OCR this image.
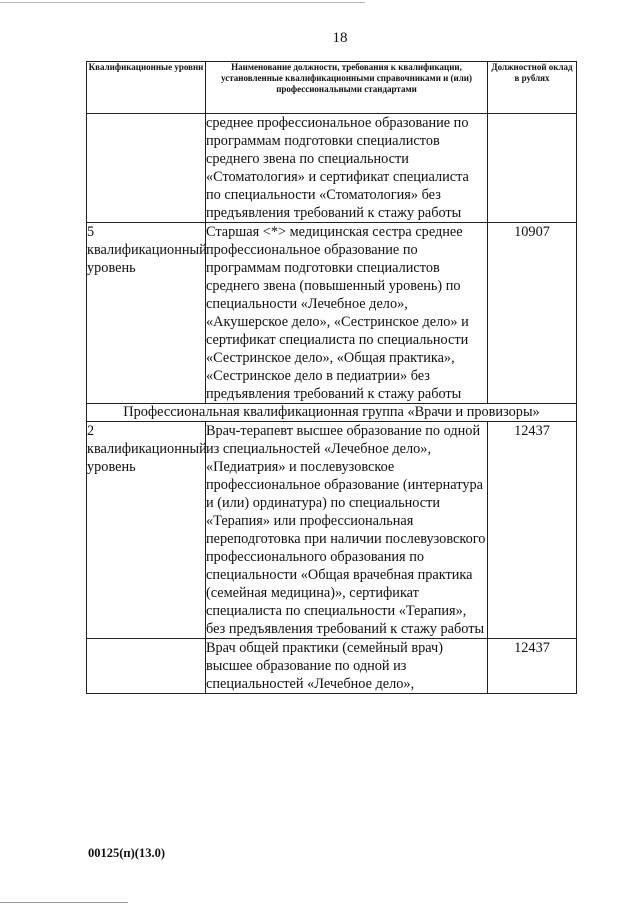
18
Квалификационные уровни	Наименование должности, требования к квалификации, установленные квалификационными справочниками и (или) профессиональными стандартами	Должностной оклад в рублях
	среднее профессиональное образование по программам подготовки специалистов среднего звена по специальности «Стоматология» и сертификат специалиста по специальности «Стоматология» без предъявления требований к стажу работы	
5
квалификационный уровень	Старшая <*> медицинская сестра среднее профессиональное образование по программам подготовки специалистов среднего звена (повышенный уровень) по специальности «Лечебное дело», «Акушерское дело», «Сестринское дело» и сертификат специалиста по специальности «Сестринское дело», «Общая практика», «Сестринское дело в педиатрии» без предъявления требований к стажу работы	10907
Профессиональная квалификационная группа «Врачи и провизоры»		
2
квалификационный уровень	Врач-терапевт высшее образование по одной из специальностей «Лечебное дело», «Педиатрия» и послевузовское профессиональное образование (интернатура и (или) ординатура) по специальности «Терапия» или профессиональная переподготовка при наличии послевузовского профессионального образования по специальности «Общая врачебная практика (семейная медицина)», сертификат специалиста по специальности «Терапия», без предъявления требований к стажу работы	12437
	Врач общей практики (семейный врач) высшее образование по одной из специальностей «Лечебное дело»,	12437
00125(п)(13.0)
